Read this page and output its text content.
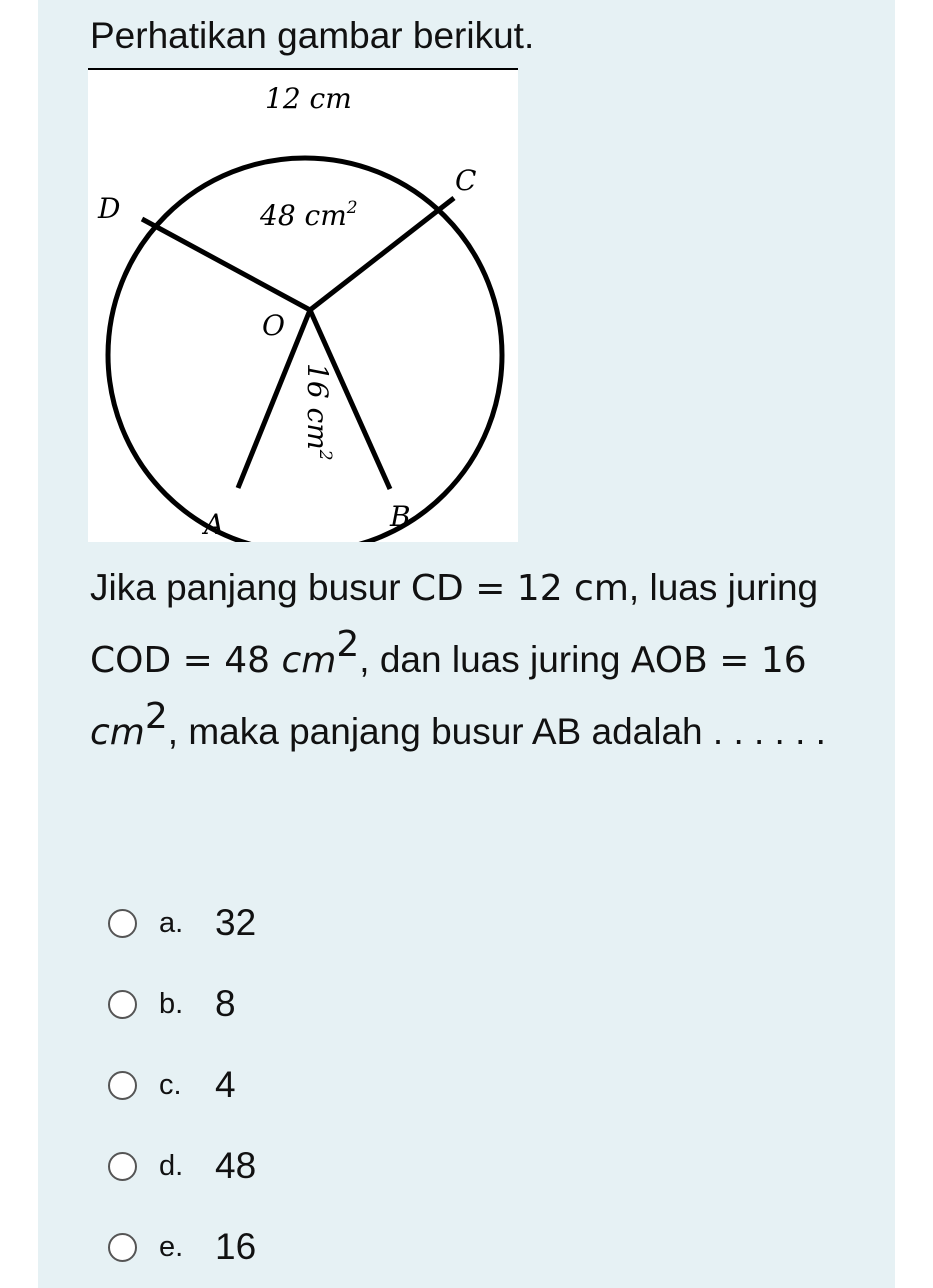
Perhatikan gambar berikut.
12 cm
48 $cm^2$
O
C
D
A	B
16 $cm^2$
Jika panjang busur CD = 12 cm, luas juring COD = 48 $cm^2$, dan luas juring AOB = 16 $cm^2$, maka panjang busur AB adalah . . . . . .
a. 32
b. 8
c. 4
d. 48
e. 16
